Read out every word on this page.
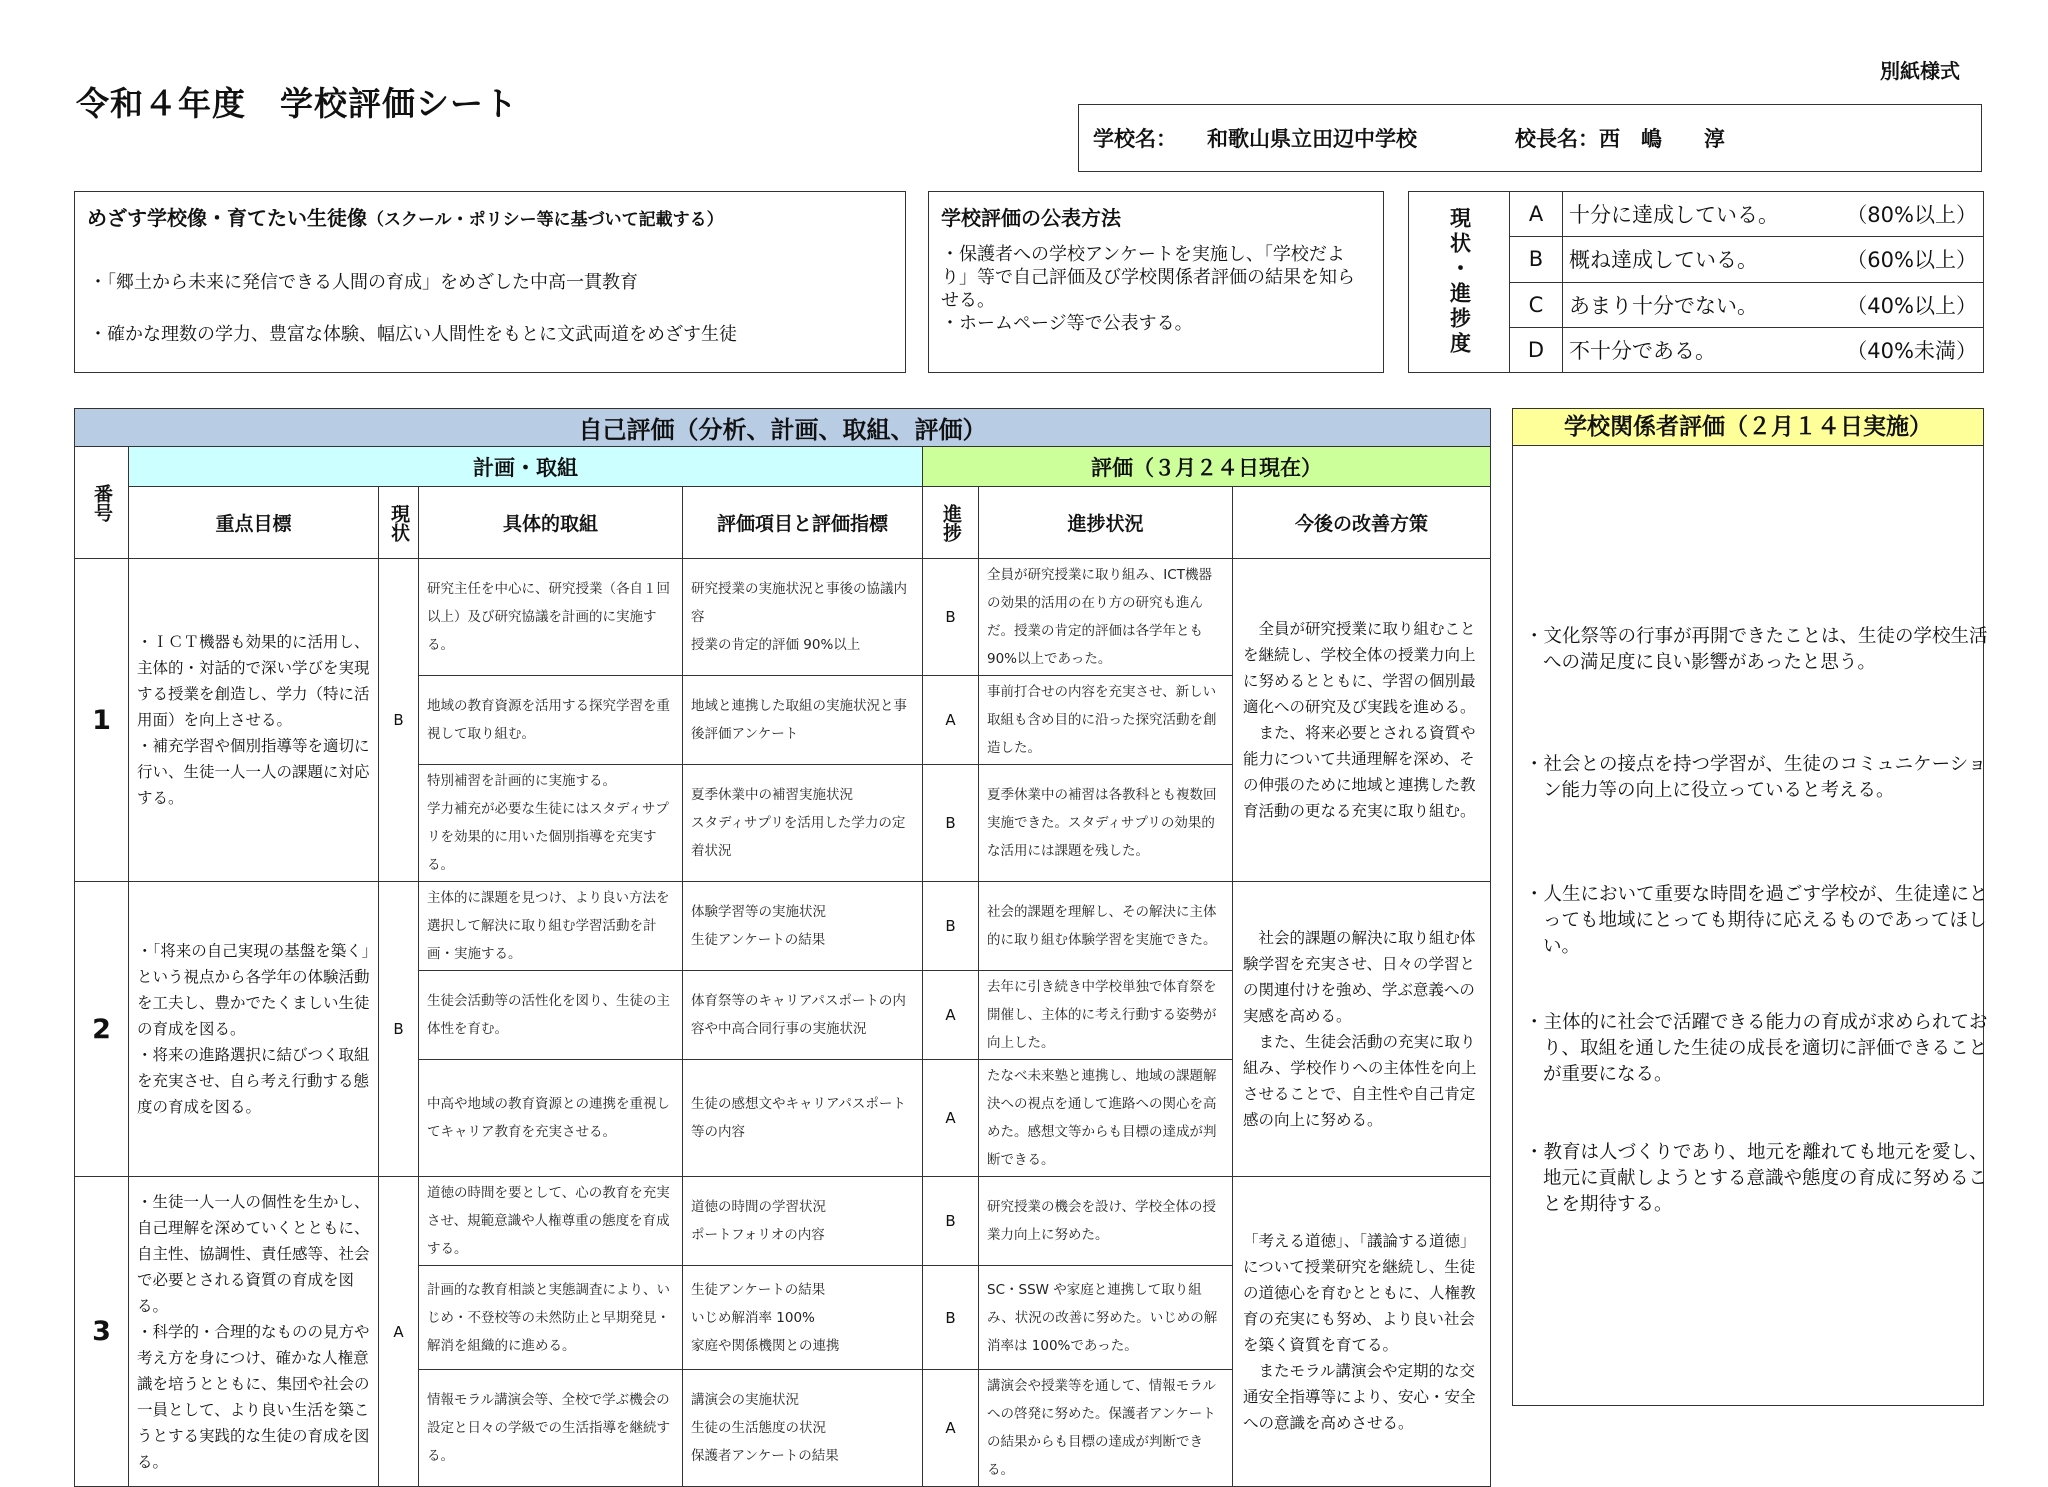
別紙様式
令和４年度　学校評価シート
学校名： 和歌山県立田辺中学校	校長名： 西　嶋　　淳
めざす学校像・育てたい生徒像（スクール・ポリシー等に基づいて記載する）

・「郷土から未来に発信できる人間の育成」をめざした中高一貫教育

・確かな理数の学力、豊富な体験、幅広い人間性をもとに文武両道をめざす生徒

学校評価の公表方法

・保護者への学校アンケートを実施し、「学校だより」等で自己評価及び学校関係者評価の結果を知らせる。
・ホームページ等で公表する。	現状・進捗度	A	十分に達成している。 （80%以上）

	B	概ね達成している。 （60%以上）

	C	あまり十分でない。 （40%以上）

	D	不十分である。 （40%未満）
自己評価（分析、計画、取組、評価）							

番号	計画・取組				評価（３月２４日現在）		
	重点目標	現状	具体的取組	評価項目と評価指標	進捗	進捗状況	今後の改善方策
1	・ＩＣＴ機器も効果的に活用し、主体的・対話的で深い学びを実現する授業を創造し、学力（特に活用面）を向上させる。
・補充学習や個別指導等を適切に行い、生徒一人一人の課題に対応する。	B	研究主任を中心に、研究授業（各自１回以上）及び研究協議を計画的に実施する。	研究授業の実施状況と事後の協議内容
授業の肯定的評価 90%以上	B	全員が研究授業に取り組み、ICT機器の効果的活用の在り方の研究も進んだ。授業の肯定的評価は各学年とも 90%以上であった。	　全員が研究授業に取り組むことを継続し、学校全体の授業力向上に努めるとともに、学習の個別最適化への研究及び実践を進める。
　また、将来必要とされる資質や能力について共通理解を深め、その伸張のために地域と連携した教育活動の更なる充実に取り組む。
			地域の教育資源を活用する探究学習を重視して取り組む。	地域と連携した取組の実施状況と事後評価アンケート	A	事前打合せの内容を充実させ、新しい取組も含め目的に沿った探究活動を創造した。	
			特別補習を計画的に実施する。
学力補充が必要な生徒にはスタディサプリを効果的に用いた個別指導を充実する。	夏季休業中の補習実施状況
スタディサプリを活用した学力の定着状況	B	夏季休業中の補習は各教科とも複数回実施できた。スタディサプリの効果的な活用には課題を残した。	
2	・「将来の自己実現の基盤を築く」という視点から各学年の体験活動を工夫し、豊かでたくましい生徒の育成を図る。
・将来の進路選択に結びつく取組を充実させ、自ら考え行動する態度の育成を図る。	B	主体的に課題を見つけ、より良い方法を選択して解決に取り組む学習活動を計画・実施する。	体験学習等の実施状況
生徒アンケートの結果	B	社会的課題を理解し、その解決に主体的に取り組む体験学習を実施できた。	　社会的課題の解決に取り組む体験学習を充実させ、日々の学習との関連付けを強め、学ぶ意義への実感を高める。
　また、生徒会活動の充実に取り組み、学校作りへの主体性を向上させることで、自主性や自己肯定感の向上に努める。
			生徒会活動等の活性化を図り、生徒の主体性を育む。	体育祭等のキャリアパスポートの内容や中高合同行事の実施状況	A	去年に引き続き中学校単独で体育祭を開催し、主体的に考え行動する姿勢が向上した。	
			中高や地域の教育資源との連携を重視してキャリア教育を充実させる。	生徒の感想文やキャリアパスポート等の内容	A	たなべ未来塾と連携し、地域の課題解決への視点を通して進路への関心を高めた。感想文等からも目標の達成が判断できる。	
3	・生徒一人一人の個性を生かし、自己理解を深めていくとともに、自主性、協調性、責任感等、社会で必要とされる資質の育成を図る。
・科学的・合理的なものの見方や考え方を身につけ、確かな人権意識を培うとともに、集団や社会の一員として、より良い生活を築こうとする実践的な生徒の育成を図る。	A	道徳の時間を要として、心の教育を充実させ、規範意識や人権尊重の態度を育成する。	道徳の時間の学習状況
ポートフォリオの内容	B	研究授業の機会を設け、学校全体の授業力向上に努めた。	「考える道徳」、「議論する道徳」について授業研究を継続し、生徒の道徳心を育むとともに、人権教育の充実にも努め、より良い社会を築く資質を育てる。
　またモラル講演会や定期的な交通安全指導等により、安心・安全への意識を高めさせる。
			計画的な教育相談と実態調査により、いじめ・不登校等の未然防止と早期発見・解消を組織的に進める。	生徒アンケートの結果
いじめ解消率 100%
家庭や関係機関との連携	B	SC・SSW や家庭と連携して取り組み、状況の改善に努めた。いじめの解消率は 100%であった。	
			情報モラル講演会等、全校で学ぶ機会の設定と日々の学級での生活指導を継続する。	講演会の実施状況
生徒の生活態度の状況
保護者アンケートの結果	A	講演会や授業等を通して、情報モラルへの啓発に努めた。保護者アンケートの結果からも目標の達成が判断できる。	
学校関係者評価（２月１４日実施）

・文化祭等の行事が再開できたことは、生徒の学校生活への満足度に良い影響があったと思う。

・社会との接点を持つ学習が、生徒のコミュニケーション能力等の向上に役立っていると考える。

・人生において重要な時間を過ごす学校が、生徒達にとっても地域にとっても期待に応えるものであってほしい。

・主体的に社会で活躍できる能力の育成が求められており、取組を通した生徒の成長を適切に評価できることが重要になる。

・教育は人づくりであり、地元を離れても地元を愛し、地元に貢献しようとする意識や態度の育成に努めることを期待する。
